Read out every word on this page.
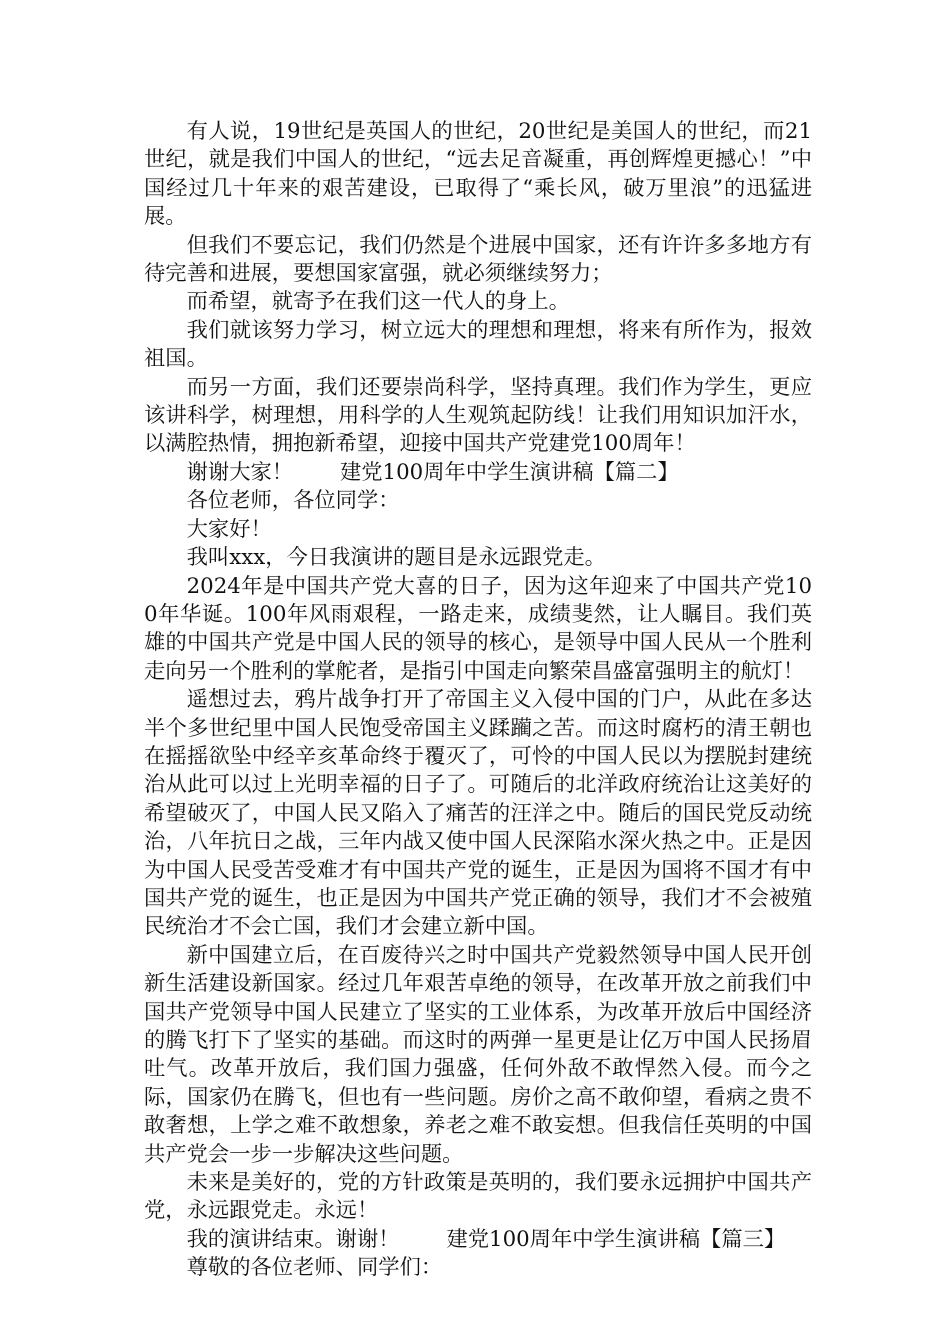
有人说，19世纪是英国人的世纪，20世纪是美国人的世纪，而21世纪，就是我们中国人的世纪，“远去足音凝重，再创辉煌更撼心！”中国经过几十年来的艰苦建设，已取得了“乘长风，破万里浪”的迅猛进展。

但我们不要忘记，我们仍然是个进展中国家，还有许许多多地方有待完善和进展，要想国家富强，就必须继续努力；

而希望，就寄予在我们这一代人的身上。

我们就该努力学习，树立远大的理想和理想，将来有所作为，报效祖国。

而另一方面，我们还要崇尚科学，坚持真理。我们作为学生，更应该讲科学，树理想，用科学的人生观筑起防线！让我们用知识加汗水，以满腔热情，拥抱新希望，迎接中国共产党建党100周年！

谢谢大家！ 建党100周年中学生演讲稿【篇二】

各位老师，各位同学：

大家好！

我叫xxx，今日我演讲的题目是永远跟党走。

2024年是中国共产党大喜的日子，因为这年迎来了中国共产党100年华诞。100年风雨艰程，一路走来，成绩斐然，让人瞩目。我们英雄的中国共产党是中国人民的领导的核心，是领导中国人民从一个胜利走向另一个胜利的掌舵者，是指引中国走向繁荣昌盛富强明主的航灯！

遥想过去，鸦片战争打开了帝国主义入侵中国的门户，从此在多达半个多世纪里中国人民饱受帝国主义蹂躏之苦。而这时腐朽的清王朝也在摇摇欲坠中经辛亥革命终于覆灭了，可怜的中国人民以为摆脱封建统治从此可以过上光明幸福的日子了。可随后的北洋政府统治让这美好的希望破灭了，中国人民又陷入了痛苦的汪洋之中。随后的国民党反动统治，八年抗日之战，三年内战又使中国人民深陷水深火热之中。正是因为中国人民受苦受难才有中国共产党的诞生，正是因为国将不国才有中国共产党的诞生，也正是因为中国共产党正确的领导，我们才不会被殖民统治才不会亡国，我们才会建立新中国。

新中国建立后，在百废待兴之时中国共产党毅然领导中国人民开创新生活建设新国家。经过几年艰苦卓绝的领导，在改革开放之前我们中国共产党领导中国人民建立了坚实的工业体系，为改革开放后中国经济的腾飞打下了坚实的基础。而这时的两弹一星更是让亿万中国人民扬眉吐气。改革开放后，我们国力强盛，任何外敌不敢悍然入侵。而今之际，国家仍在腾飞，但也有一些问题。房价之高不敢仰望，看病之贵不敢奢想，上学之难不敢想象，养老之难不敢妄想。但我信任英明的中国共产党会一步一步解决这些问题。

未来是美好的，党的方针政策是英明的，我们要永远拥护中国共产党，永远跟党走。永远！

我的演讲结束。谢谢！ 建党100周年中学生演讲稿【篇三】

尊敬的各位老师、同学们：
